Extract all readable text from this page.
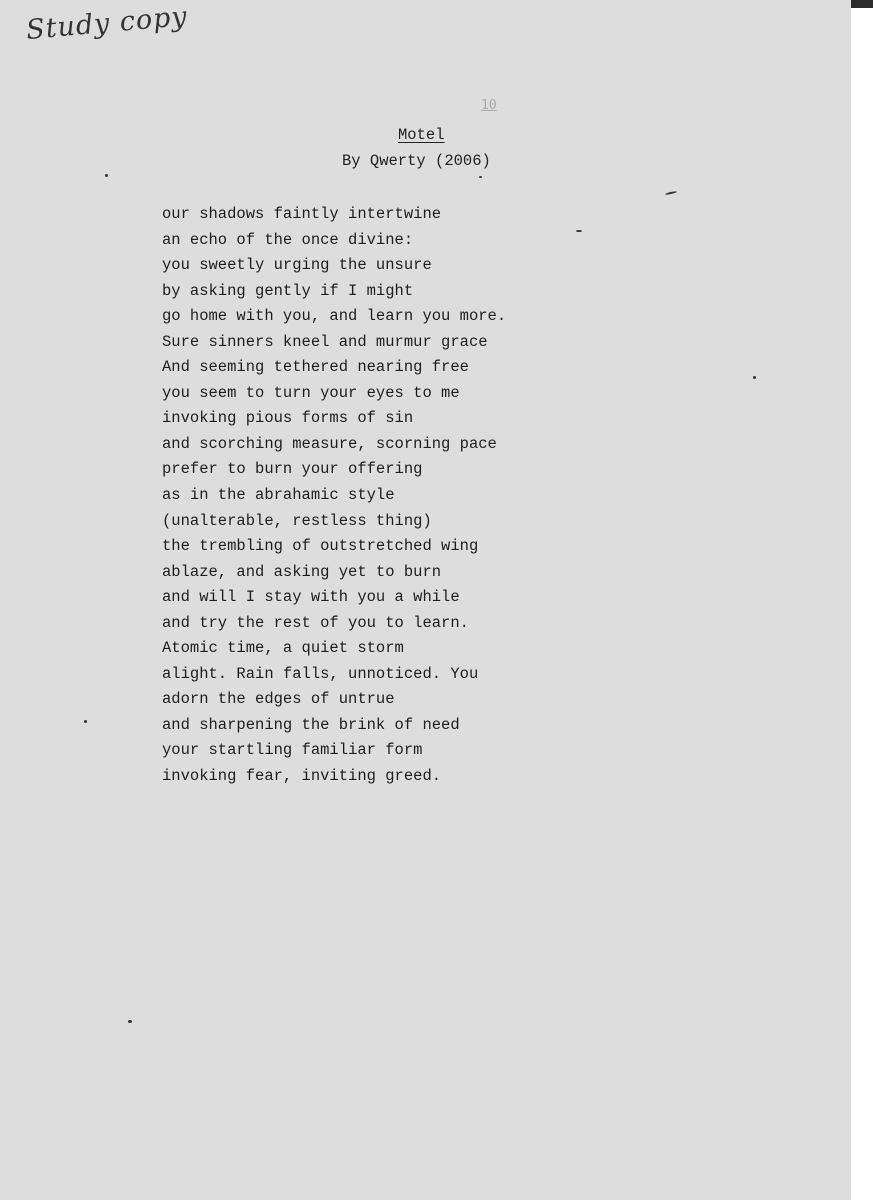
Study copy
10
Motel
By Qwerty (2006)
our shadows faintly intertwine
an echo of the once divine:
you sweetly urging the unsure
by asking gently if I might
go home with you, and learn you more.
Sure sinners kneel and murmur grace
And seeming tethered nearing free
you seem to turn your eyes to me
invoking pious forms of sin
and scorching measure, scorning pace
prefer to burn your offering
as in the abrahamic style
(unalterable, restless thing)
the trembling of outstretched wing
ablaze, and asking yet to burn
and will I stay with you a while
and try the rest of you to learn.
Atomic time, a quiet storm
alight. Rain falls, unnoticed. You
adorn the edges of untrue
and sharpening the brink of need
your startling familiar form
invoking fear, inviting greed.
